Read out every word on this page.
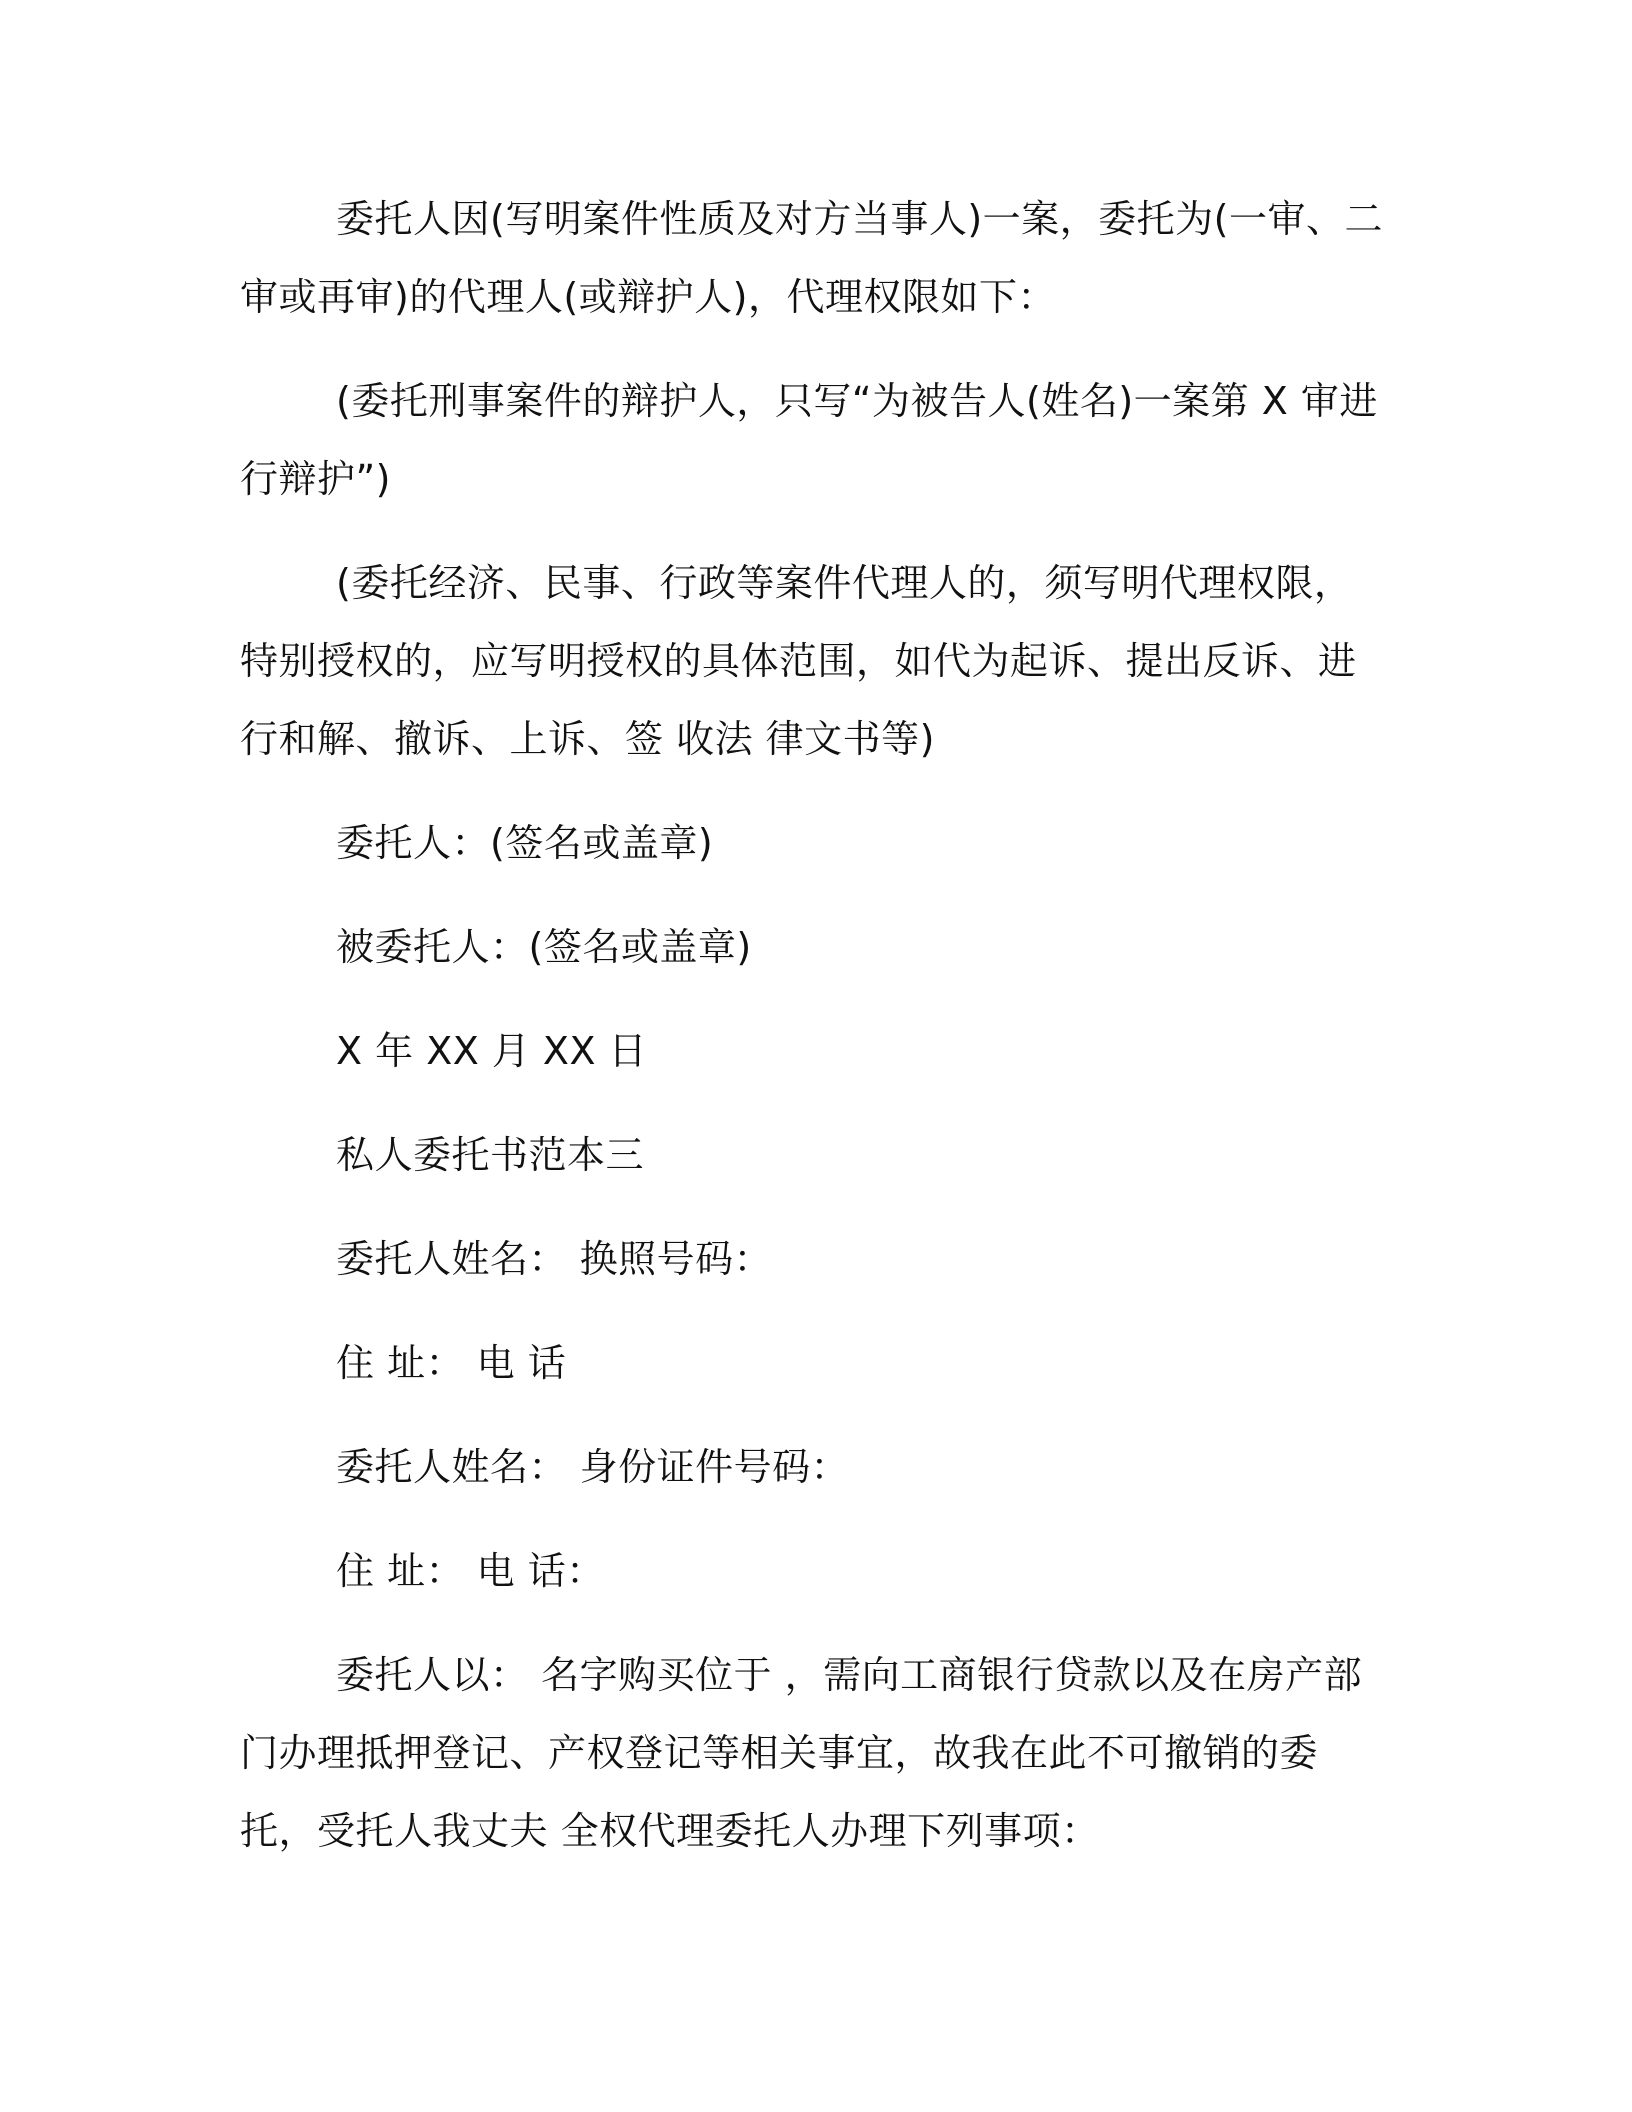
委托人因(写明案件性质及对方当事人)一案，委托为(一审、二审或再审)的代理人(或辩护人)，代理权限如下：

(委托刑事案件的辩护人，只写“为被告人(姓名)一案第 X 审进行辩护”)

(委托经济、民事、行政等案件代理人的，须写明代理权限，特别授权的，应写明授权的具体范围，如代为起诉、提出反诉、进行和解、撤诉、上诉、签 收法 律文书等)

委托人：(签名或盖章)

被委托人：(签名或盖章)

X 年 XX 月 XX 日

私人委托书范本三

委托人姓名： 换照号码：

住 址： 电 话

委托人姓名： 身份证件号码：

住 址： 电 话：

委托人以： 名字购买位于 ，需向工商银行贷款以及在房产部门办理抵押登记、产权登记等相关事宜，故我在此不可撤销的委托，受托人我丈夫 全权代理委托人办理下列事项：
